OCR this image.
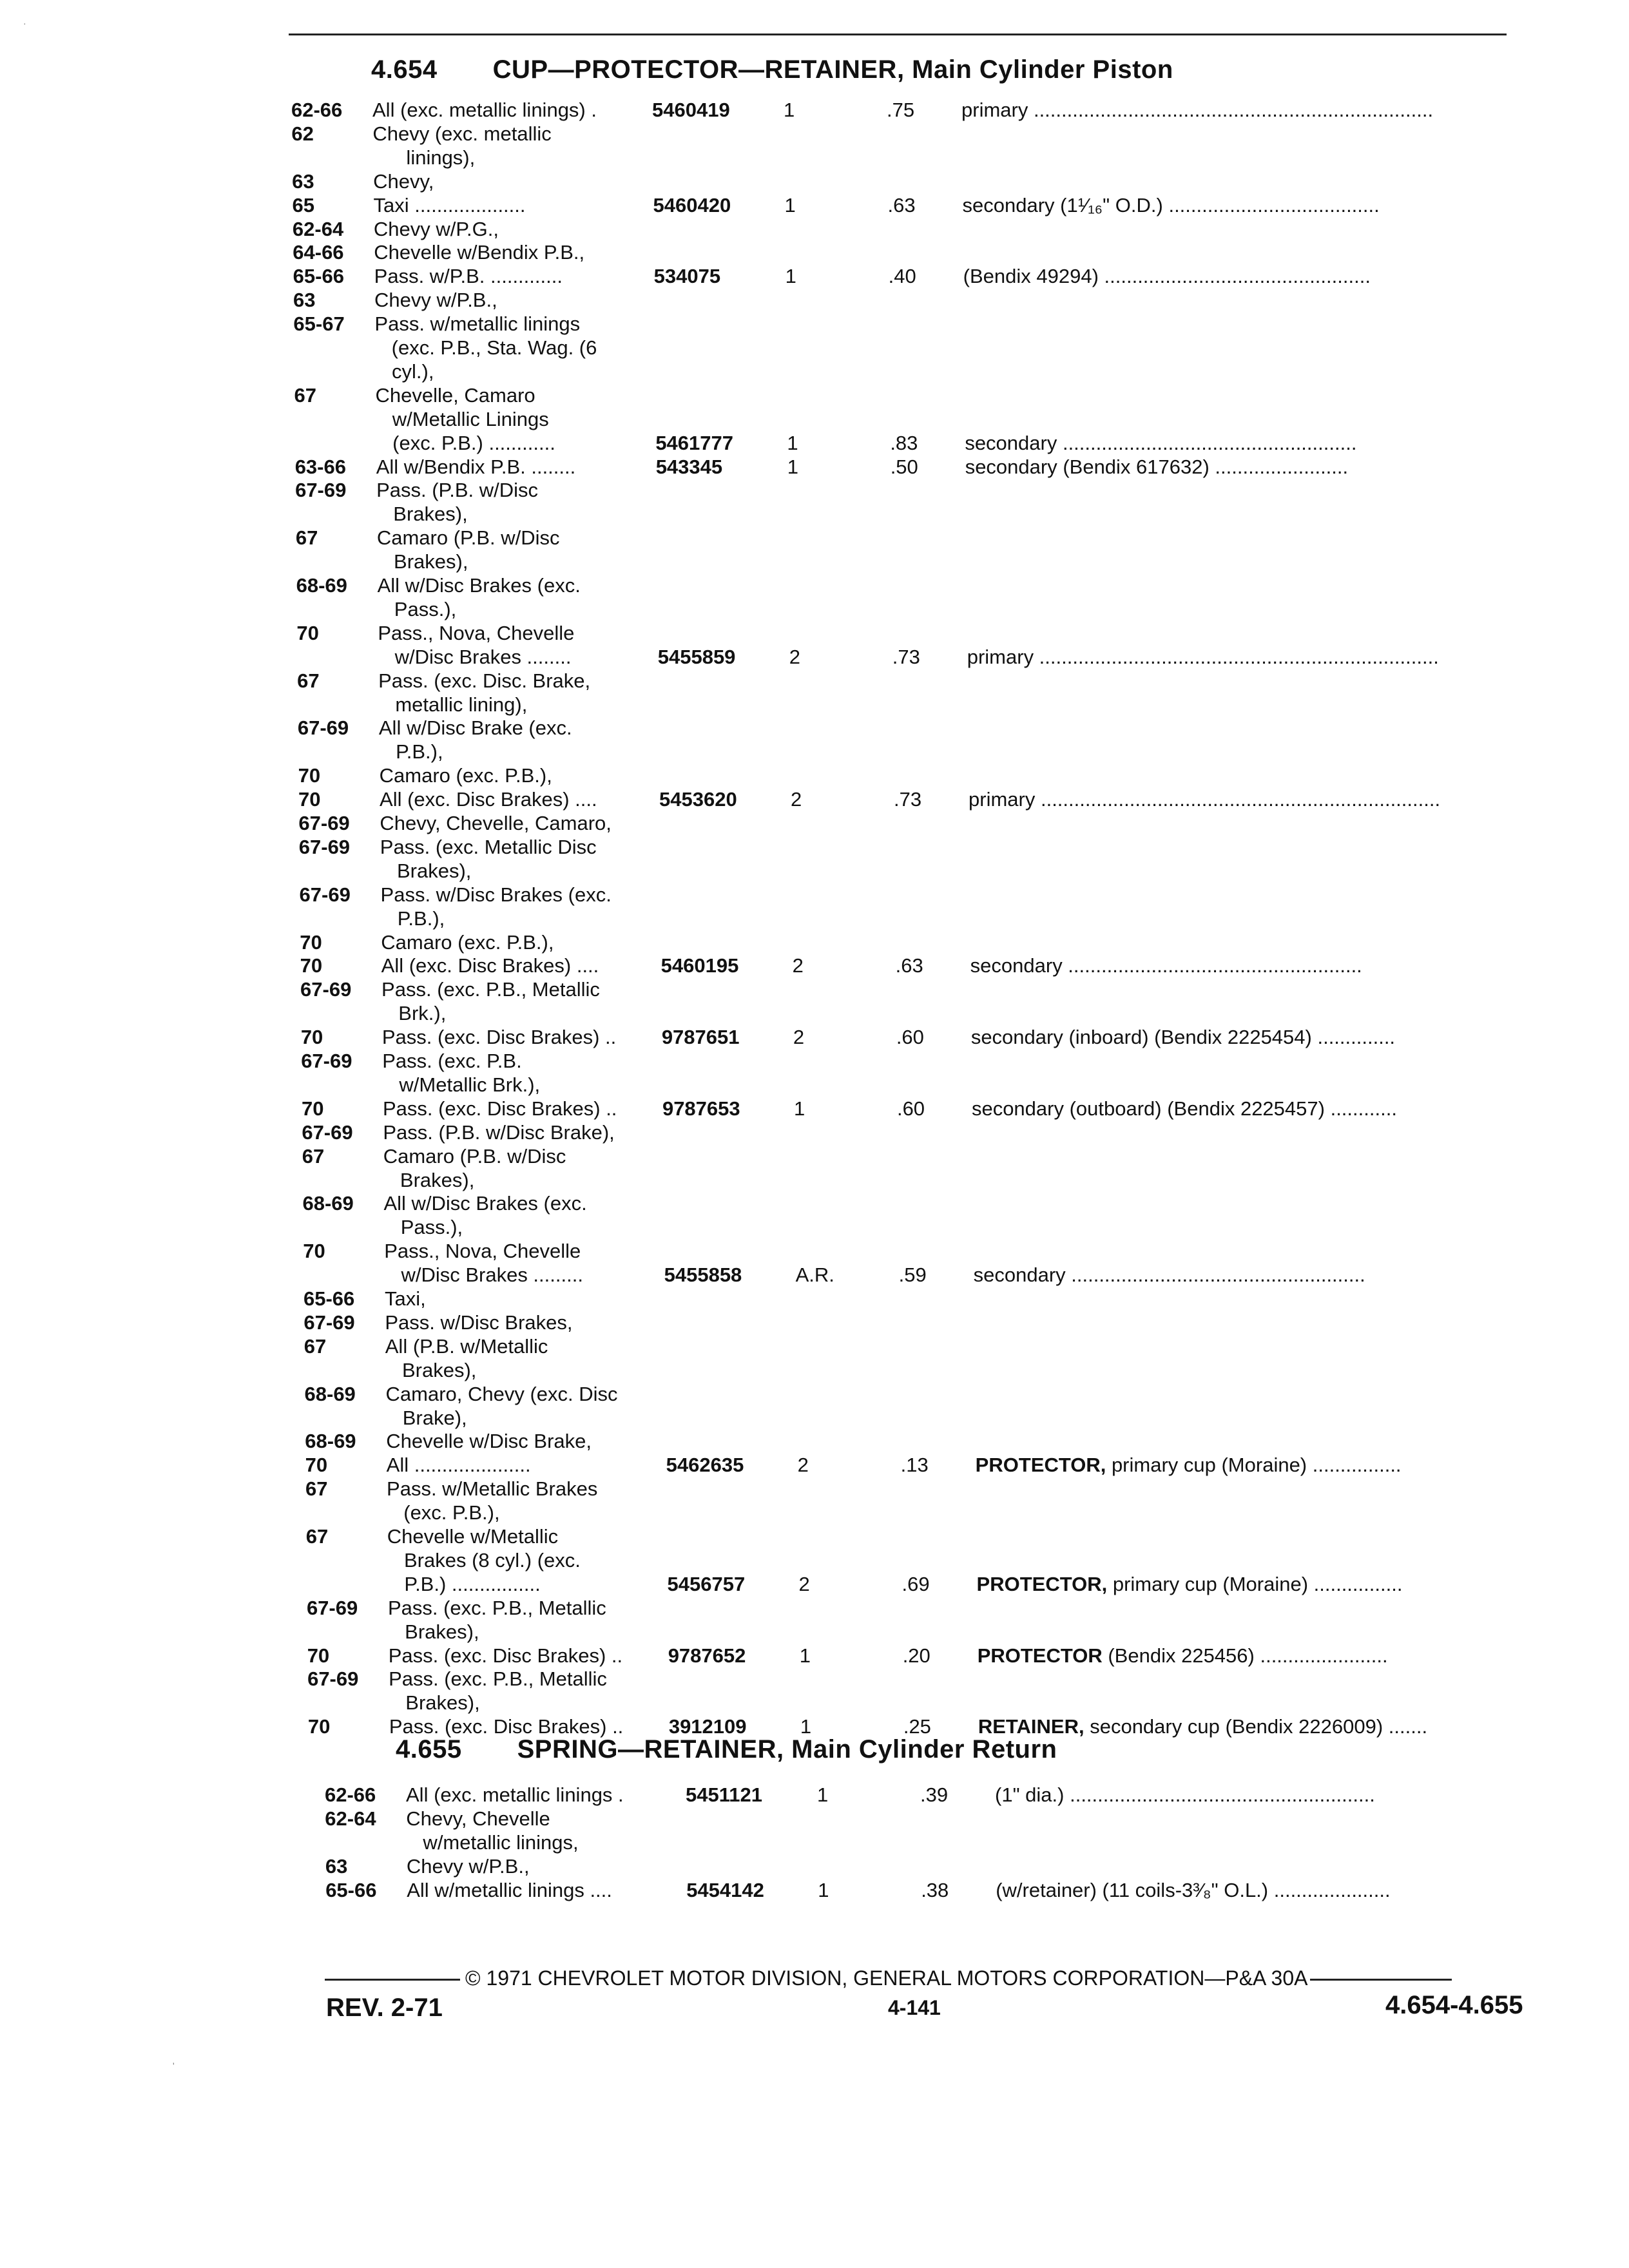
·
4.654 CUP—PROTECTOR—RETAINER, Main Cylinder Piston
62-66 All (exc. metallic linings) .	5460419	1	.75 primary ........................................................................
62	Chevy (exc. metallic
linings),
63	Chevy,
65	Taxi ....................	5460420	1	.63 secondary (1¹⁄₁₆" O.D.) ......................................
62-64 Chevy w/P.G.,
64-66 Chevelle w/Bendix P.B.,
65-66 Pass. w/P.B. .............	534075	1	.40 (Bendix 49294) ................................................
63	Chevy w/P.B.,
65-67 Pass. w/metallic linings
(exc. P.B., Sta. Wag. (6
cyl.),
67	Chevelle, Camaro
w/Metallic Linings
(exc. P.B.) ............	5461777	1	.83 secondary .....................................................
63-66 All w/Bendix P.B. ........	543345	1	.50 secondary (Bendix 617632) ........................
67-69 Pass. (P.B. w/Disc
Brakes),
67	Camaro (P.B. w/Disc
Brakes),
68-69 All w/Disc Brakes (exc.
Pass.),
70	Pass., Nova, Chevelle
w/Disc Brakes ........	5455859	2	.73 primary ........................................................................
67	Pass. (exc. Disc. Brake,
metallic lining),
67-69 All w/Disc Brake (exc.
P.B.),
70	Camaro (exc. P.B.),
70	All (exc. Disc Brakes) ....	5453620	2	.73 primary ........................................................................
67-69 Chevy, Chevelle, Camaro,
67-69 Pass. (exc. Metallic Disc
Brakes),
67-69 Pass. w/Disc Brakes (exc.
P.B.),
70	Camaro (exc. P.B.),
70	All (exc. Disc Brakes) ....	5460195	2	.63 secondary .....................................................
67-69 Pass. (exc. P.B., Metallic
Brk.),
70	Pass. (exc. Disc Brakes) .. 9787651	2	.60 secondary (inboard) (Bendix 2225454) ..............
67-69 Pass. (exc. P.B.
w/Metallic Brk.),
70	Pass. (exc. Disc Brakes) .. 9787653	1	.60 secondary (outboard) (Bendix 2225457) ............
67-69 Pass. (P.B. w/Disc Brake),
67	Camaro (P.B. w/Disc
Brakes),
68-69 All w/Disc Brakes (exc.
Pass.),
70	Pass., Nova, Chevelle
w/Disc Brakes .........	5455858	A.R.	.59 secondary .....................................................
65-66 Taxi,
67-69 Pass. w/Disc Brakes,
67	All (P.B. w/Metallic
Brakes),
68-69 Camaro, Chevy (exc. Disc
Brake),
68-69 Chevelle w/Disc Brake,
70	All .....................	5462635	2	.13 PROTECTOR, primary cup (Moraine) ................
67	Pass. w/Metallic Brakes
(exc. P.B.),
67	Chevelle w/Metallic
Brakes (8 cyl.) (exc.
P.B.) ................	5456757	2	.69 PROTECTOR, primary cup (Moraine) ................
67-69 Pass. (exc. P.B., Metallic
Brakes),
70	Pass. (exc. Disc Brakes) .. 9787652	1	.20 PROTECTOR (Bendix 225456) .......................
67-69 Pass. (exc. P.B., Metallic
Brakes),
70	Pass. (exc. Disc Brakes) .. 3912109	1	.25 RETAINER, secondary cup (Bendix 2226009) .......
4.655 SPRING—RETAINER, Main Cylinder Return
62-66 All (exc. metallic linings .	5451121	1	.39 (1" dia.) .......................................................
62-64 Chevy, Chevelle
w/metallic linings,
63	Chevy w/P.B.,
65-66 All w/metallic linings ....	5454142	1	.38 (w/retainer) (11 coils-3³⁄₈" O.L.) .....................
© 1971 CHEVROLET MOTOR DIVISION, GENERAL MOTORS CORPORATION—P&A 30A
REV. 2-71	4-141	4.654-4.655
'
